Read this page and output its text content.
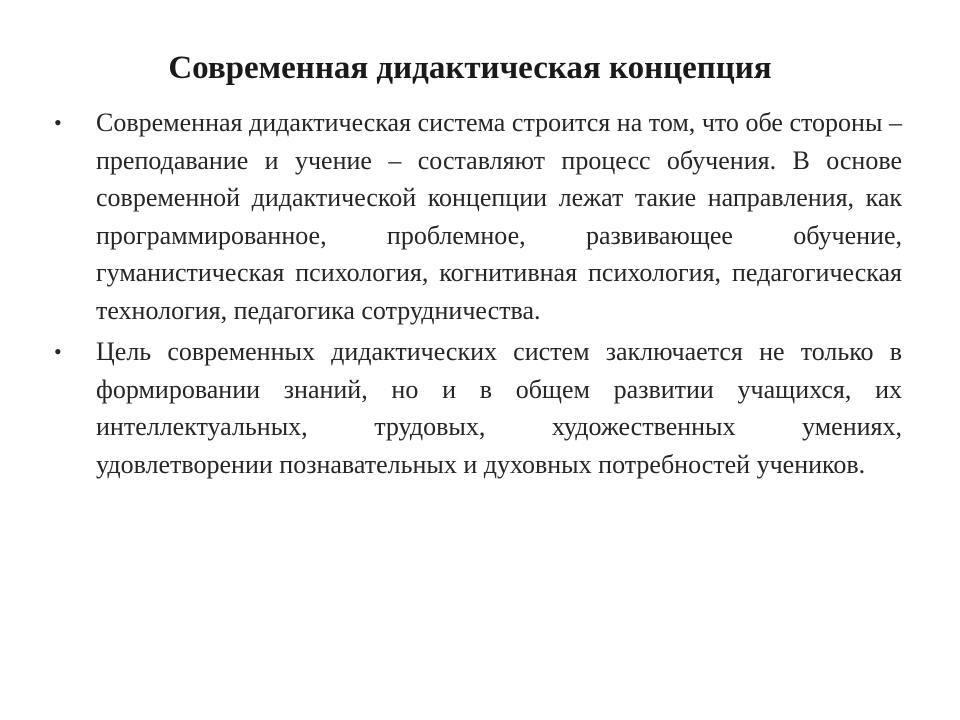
Современная дидактическая концепция
• Современная дидактическая система строится на том, что обе стороны – преподавание и учение – составляют процесс обучения. В основе современной дидактической концепции лежат такие направления, как программированное, проблемное, развивающее обучение, гуманистическая психология, когнитивная психология, педагогическая технология, педагогика сотрудничества.

• Цель современных дидактических систем заключается не только в формировании знаний, но и в общем развитии учащихся, их интеллектуальных, трудовых, художественных умениях, удовлетворении познавательных и духовных потребностей учеников.
